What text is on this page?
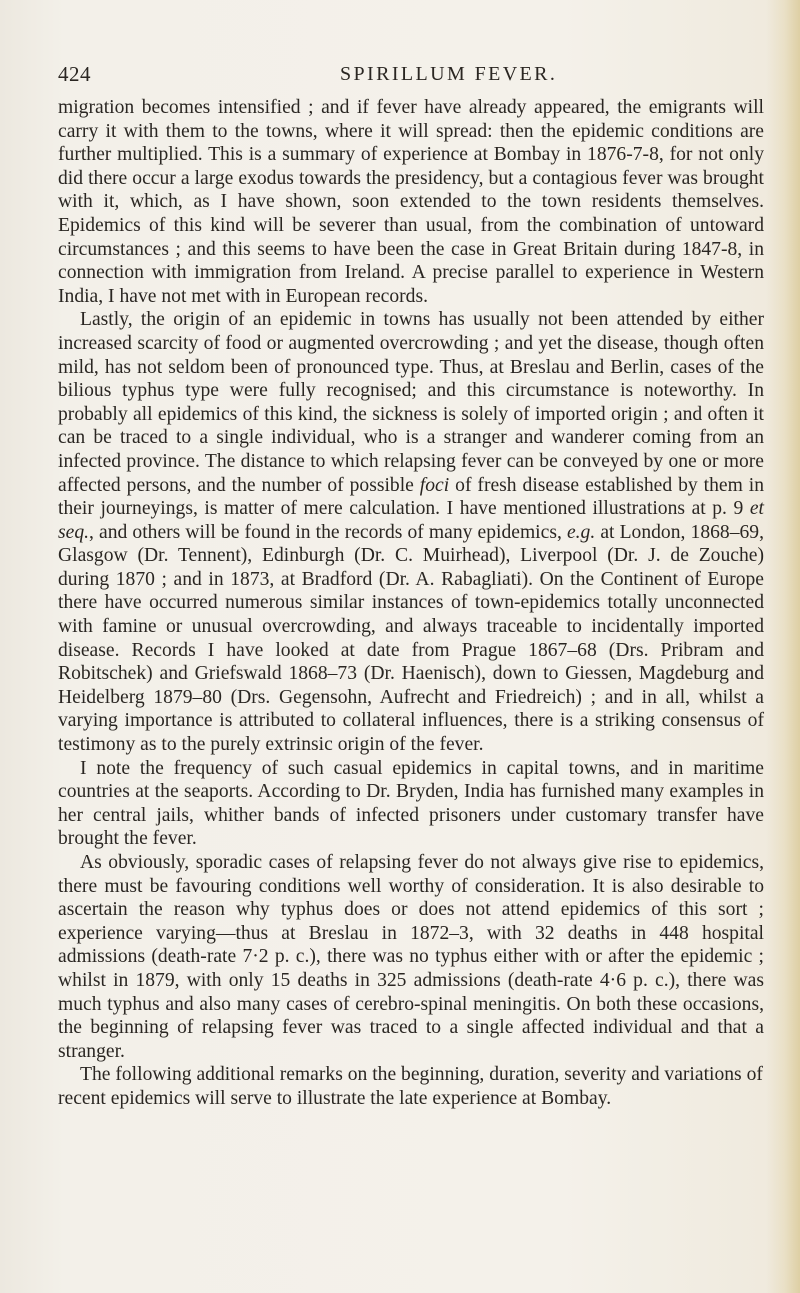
424	SPIRILLUM FEVER.

migration becomes intensified ; and if fever have already appeared, the emigrants will carry it with them to the towns, where it will spread: then the epidemic conditions are further multiplied. This is a summary of experience at Bombay in 1876-7-8, for not only did there occur a large exodus towards the presidency, but a contagious fever was brought with it, which, as I have shown, soon extended to the town residents themselves. Epidemics of this kind will be severer than usual, from the combination of untoward circumstances ; and this seems to have been the case in Great Britain during 1847-8, in connection with immigration from Ireland. A precise parallel to experience in Western India, I have not met with in European records.

Lastly, the origin of an epidemic in towns has usually not been attended by either increased scarcity of food or augmented overcrowding ; and yet the disease, though often mild, has not seldom been of pronounced type. Thus, at Breslau and Berlin, cases of the bilious typhus type were fully recognised; and this circumstance is noteworthy. In probably all epidemics of this kind, the sickness is solely of imported origin ; and often it can be traced to a single individual, who is a stranger and wanderer coming from an infected province. The distance to which relapsing fever can be conveyed by one or more affected persons, and the number of possible foci of fresh disease established by them in their journeyings, is matter of mere calculation. I have mentioned illustrations at p. 9 et seq., and others will be found in the records of many epidemics, e.g. at London, 1868–69, Glasgow (Dr. Tennent), Edinburgh (Dr. C. Muirhead), Liverpool (Dr. J. de Zouche) during 1870 ; and in 1873, at Bradford (Dr. A. Rabagliati). On the Continent of Europe there have occurred numerous similar instances of town-epidemics totally unconnected with famine or unusual overcrowding, and always traceable to incidentally imported disease. Records I have looked at date from Prague 1867–68 (Drs. Pribram and Robitschek) and Griefswald 1868–73 (Dr. Haenisch), down to Giessen, Magdeburg and Heidelberg 1879–80 (Drs. Gegensohn, Aufrecht and Friedreich) ; and in all, whilst a varying importance is attributed to collateral influences, there is a striking consensus of testimony as to the purely extrinsic origin of the fever.

I note the frequency of such casual epidemics in capital towns, and in maritime countries at the seaports. According to Dr. Bryden, India has furnished many examples in her central jails, whither bands of infected prisoners under customary transfer have brought the fever.

As obviously, sporadic cases of relapsing fever do not always give rise to epidemics, there must be favouring conditions well worthy of consideration. It is also desirable to ascertain the reason why typhus does or does not attend epidemics of this sort ; experience varying—thus at Breslau in 1872–3, with 32 deaths in 448 hospital admissions (death-rate 7·2 p. c.), there was no typhus either with or after the epidemic ; whilst in 1879, with only 15 deaths in 325 admissions (death-rate 4·6 p. c.), there was much typhus and also many cases of cerebro-spinal meningitis. On both these occasions, the beginning of relapsing fever was traced to a single affected individual and that a stranger.

The following additional remarks on the beginning, duration, severity and variations of recent epidemics will serve to illustrate the late experience at Bombay.
